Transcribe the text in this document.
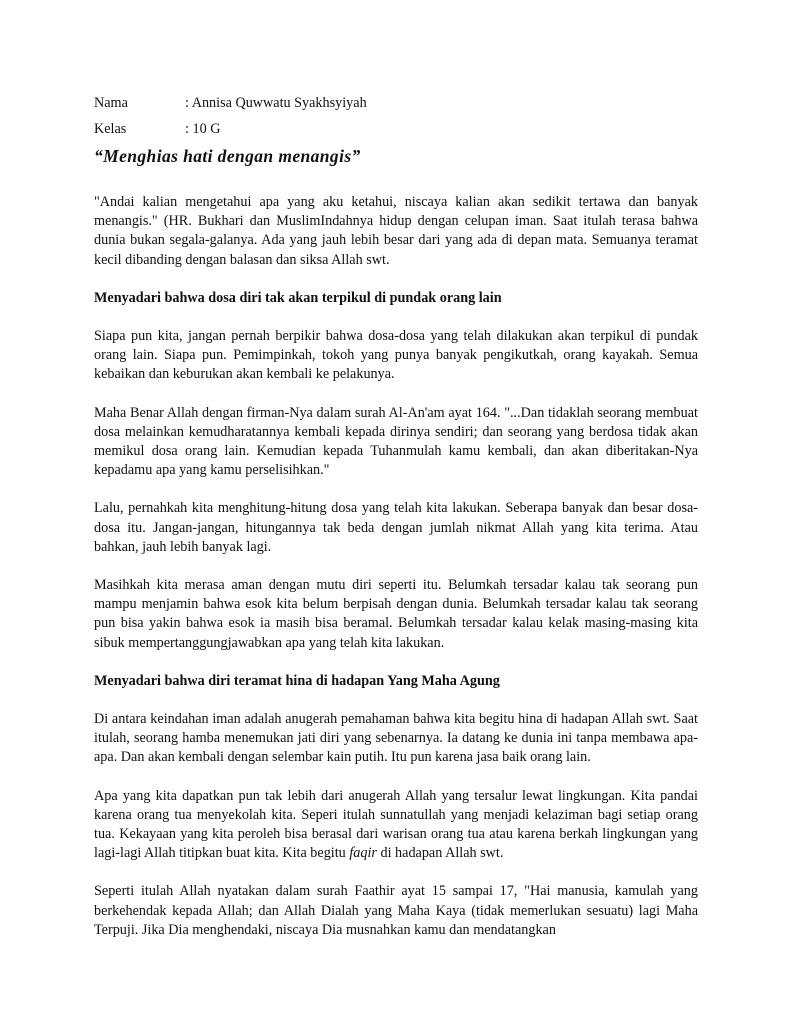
Nama	: Annisa Quwwatu Syakhsyiyah
Kelas	: 10 G
“Menghias hati dengan menangis”

"Andai kalian mengetahui apa yang aku ketahui, niscaya kalian akan sedikit tertawa dan banyak menangis." (HR. Bukhari dan MuslimIndahnya hidup dengan celupan iman. Saat itulah terasa bahwa dunia bukan segala-galanya. Ada yang jauh lebih besar dari yang ada di depan mata. Semuanya teramat kecil dibanding dengan balasan dan siksa Allah swt.

Menyadari bahwa dosa diri tak akan terpikul di pundak orang lain

Siapa pun kita, jangan pernah berpikir bahwa dosa-dosa yang telah dilakukan akan terpikul di pundak orang lain. Siapa pun. Pemimpinkah, tokoh yang punya banyak pengikutkah, orang kayakah. Semua kebaikan dan keburukan akan kembali ke pelakunya.

Maha Benar Allah dengan firman-Nya dalam surah Al-An'am ayat 164. "...Dan tidaklah seorang membuat dosa melainkan kemudharatannya kembali kepada dirinya sendiri; dan seorang yang berdosa tidak akan memikul dosa orang lain. Kemudian kepada Tuhanmulah kamu kembali, dan akan diberitakan-Nya kepadamu apa yang kamu perselisihkan."

Lalu, pernahkah kita menghitung-hitung dosa yang telah kita lakukan. Seberapa banyak dan besar dosa-dosa itu. Jangan-jangan, hitungannya tak beda dengan jumlah nikmat Allah yang kita terima. Atau bahkan, jauh lebih banyak lagi.

Masihkah kita merasa aman dengan mutu diri seperti itu. Belumkah tersadar kalau tak seorang pun mampu menjamin bahwa esok kita belum berpisah dengan dunia. Belumkah tersadar kalau tak seorang pun bisa yakin bahwa esok ia masih bisa beramal. Belumkah tersadar kalau kelak masing-masing kita sibuk mempertanggungjawabkan apa yang telah kita lakukan.

Menyadari bahwa diri teramat hina di hadapan Yang Maha Agung

Di antara keindahan iman adalah anugerah pemahaman bahwa kita begitu hina di hadapan Allah swt. Saat itulah, seorang hamba menemukan jati diri yang sebenarnya. Ia datang ke dunia ini tanpa membawa apa-apa. Dan akan kembali dengan selembar kain putih. Itu pun karena jasa baik orang lain.

Apa yang kita dapatkan pun tak lebih dari anugerah Allah yang tersalur lewat lingkungan. Kita pandai karena orang tua menyekolah kita. Seperi itulah sunnatullah yang menjadi kelaziman bagi setiap orang tua. Kekayaan yang kita peroleh bisa berasal dari warisan orang tua atau karena berkah lingkungan yang lagi-lagi Allah titipkan buat kita. Kita begitu faqir di hadapan Allah swt.

Seperti itulah Allah nyatakan dalam surah Faathir ayat 15 sampai 17, "Hai manusia, kamulah yang berkehendak kepada Allah; dan Allah Dialah yang Maha Kaya (tidak memerlukan sesuatu) lagi Maha Terpuji. Jika Dia menghendaki, niscaya Dia musnahkan kamu dan mendatangkan
